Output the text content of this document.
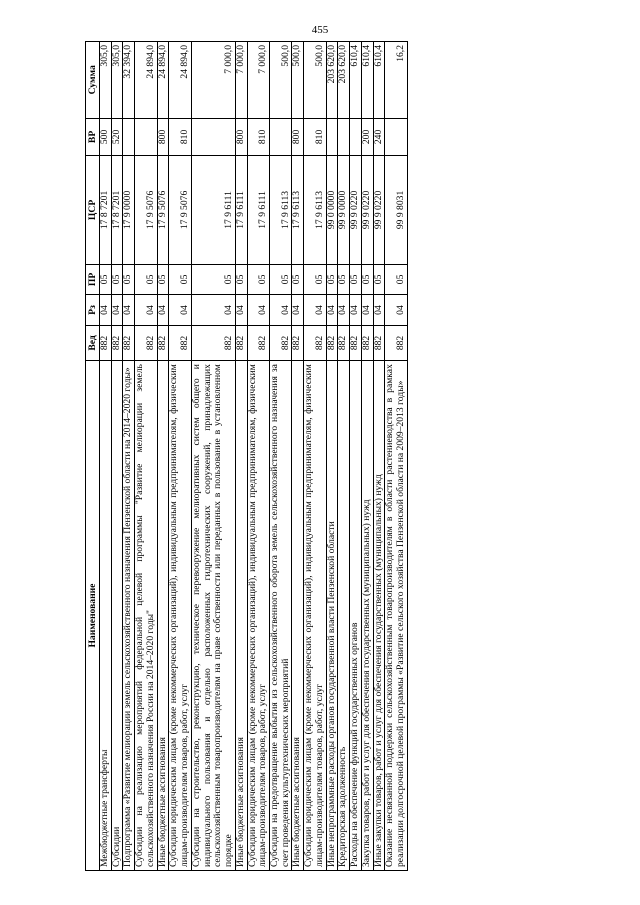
455
Наименование	Вед	Рз	ПР	ЦСР	ВР	Сумма
Межбюджетные трансферты	882	04	05	17 8 7201	500	305,0
Субсидии	882	04	05	17 8 7201	520	305,0
Подпрограмма «Развитие мелиорации земель сельскохозяйственного назначения Пензенской области на 2014–2020 годы»	882	04	05	17 9 0000		32 394,0
Субсидии на реализацию мероприятий федеральной целевой программы "Развитие мелиорации земель сельскохозяйственного назначения России на 2014–2020 годы"	882	04	05	17 9 5076		24 894,0
Иные бюджетные ассигнования	882	04	05	17 9 5076	800	24 894,0
Субсидии юридическим лицам (кроме некоммерческих организаций), индивидуальным предпринимателям, физическим лицам-производителям товаров, работ, услуг	882	04	05	17 9 5076	810	24 894,0
Субсидии на строительство, реконструкцию, техническое перевооружение мелиоративных систем общего и индивидуального пользования и отдельно расположенных гидротехнических сооружений, принадлежащих сельскохозяйственным товаропроизводителям на праве собственности или переданных в пользование в установленном порядке	882	04	05	17 9 6111		7 000,0
Иные бюджетные ассигнования	882	04	05	17 9 6111	800	7 000,0
Субсидии юридическим лицам (кроме некоммерческих организаций), индивидуальным предпринимателям, физическим лицам-производителям товаров, работ, услуг	882	04	05	17 9 6111	810	7 000,0
Субсидии на предотвращение выбытия из сельскохозяйственного оборота земель сельскохозяйственного назначения за счет проведения культуртехнических мероприятий	882	04	05	17 9 6113		500,0
Иные бюджетные ассигнования	882	04	05	17 9 6113	800	500,0
Субсидии юридическим лицам (кроме некоммерческих организаций), индивидуальным предпринимателям, физическим лицам-производителям товаров, работ, услуг	882	04	05	17 9 6113	810	500,0
Иные непрограммные расходы органов государственной власти Пензенской области	882	04	05	99 0 0000		203 620,0
Кредиторская задолженность	882	04	05	99 9 0000		203 620,0
Расходы на обеспечение функций государственных органов	882	04	05	99 9 0220		610,4
Закупка товаров, работ и услуг для обеспечения государственных (муниципальных) нужд	882	04	05	99 9 0220	200	610,4
Иные закупки товаров, работ и услуг для обеспечения государственных (муниципальных) нужд	882	04	05	99 9 0220	240	610,4
Оказание несвязанной поддержки сельскохозяйственным товаропроизводителям в области растениеводства в рамках реализации долгосрочной целевой программы «Развитие сельского хозяйства Пензенской области на 2009–2013 годы»	882	04	05	99 9 8031		16,2
